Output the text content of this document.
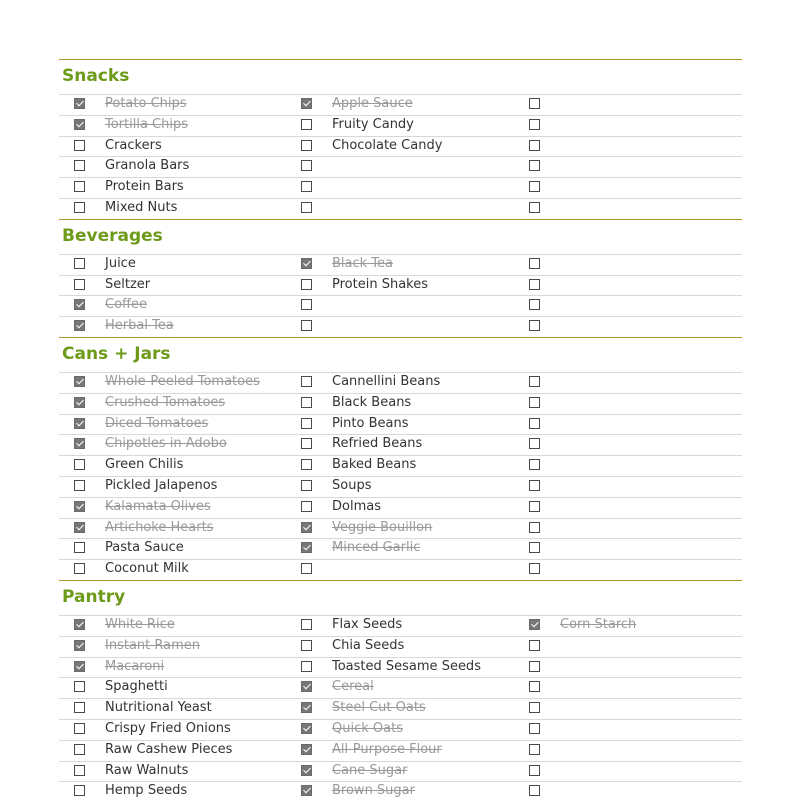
Snacks
Potato Chips	Apple Sauce
Tortilla Chips	Fruity Candy
Crackers	Chocolate Candy
Granola Bars
Protein Bars
Mixed Nuts
Beverages
Juice	Black Tea
Seltzer	Protein Shakes
Coffee
Herbal Tea
Cans + Jars
Whole-Peeled Tomatoes	Cannellini Beans
Crushed Tomatoes	Black Beans
Diced Tomatoes	Pinto Beans
Chipotles in Adobo	Refried Beans
Green Chilis	Baked Beans
Pickled Jalapenos	Soups
Kalamata Olives	Dolmas
Artichoke Hearts	Veggie Bouillon
Pasta Sauce	Minced Garlic
Coconut Milk
Pantry
White Rice	Flax Seeds	Corn Starch
Instant Ramen	Chia Seeds
Macaroni	Toasted Sesame Seeds
Spaghetti	Cereal
Nutritional Yeast	Steel Cut Oats
Crispy Fried Onions	Quick Oats
Raw Cashew Pieces	All-Purpose Flour
Raw Walnuts	Cane Sugar
Hemp Seeds	Brown Sugar
